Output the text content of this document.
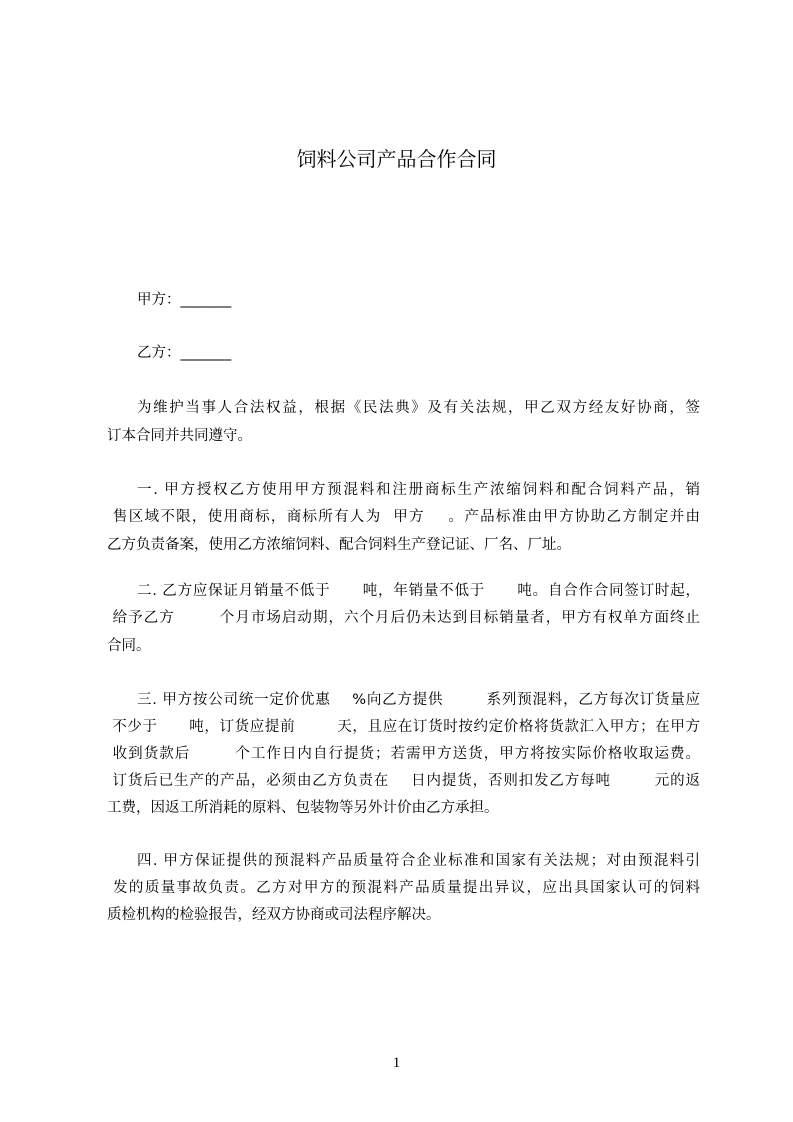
饲料公司产品合作合同
甲方：_______
乙方：_______
为维护当事人合法权益，根据《民法典》及有关法规，甲乙双方经友好协商，签
订本合同并共同遵守。
一. 甲方授权乙方使用甲方预混料和注册商标生产浓缩饲料和配合饲料产品，销
售区域不限，使用商标，商标所有人为  甲方    。产品标准由甲方协助乙方制定并由
乙方负责备案，使用乙方浓缩饲料、配合饲料生产登记证、厂名、厂址。
二. 乙方应保证月销量不低于      吨，年销量不低于      吨。自合作合同签订时起，
给予乙方        个月市场启动期，六个月后仍未达到目标销量者，甲方有权单方面终止
合同。
三. 甲方按公司统一定价优惠    %向乙方提供        系列预混料，乙方每次订货量应
不少于      吨，订货应提前        天，且应在订货时按约定价格将货款汇入甲方；在甲方
收到货款后        个工作日内自行提货；若需甲方送货，甲方将按实际价格收取运费。
订货后已生产的产品，必须由乙方负责在    日内提货，否则扣发乙方每吨        元的返
工费，因返工所消耗的原料、包装物等另外计价由乙方承担。
四. 甲方保证提供的预混料产品质量符合企业标准和国家有关法规；对由预混料引
发的质量事故负责。乙方对甲方的预混料产品质量提出异议，应出具国家认可的饲料
质检机构的检验报告，经双方协商或司法程序解决。
1
